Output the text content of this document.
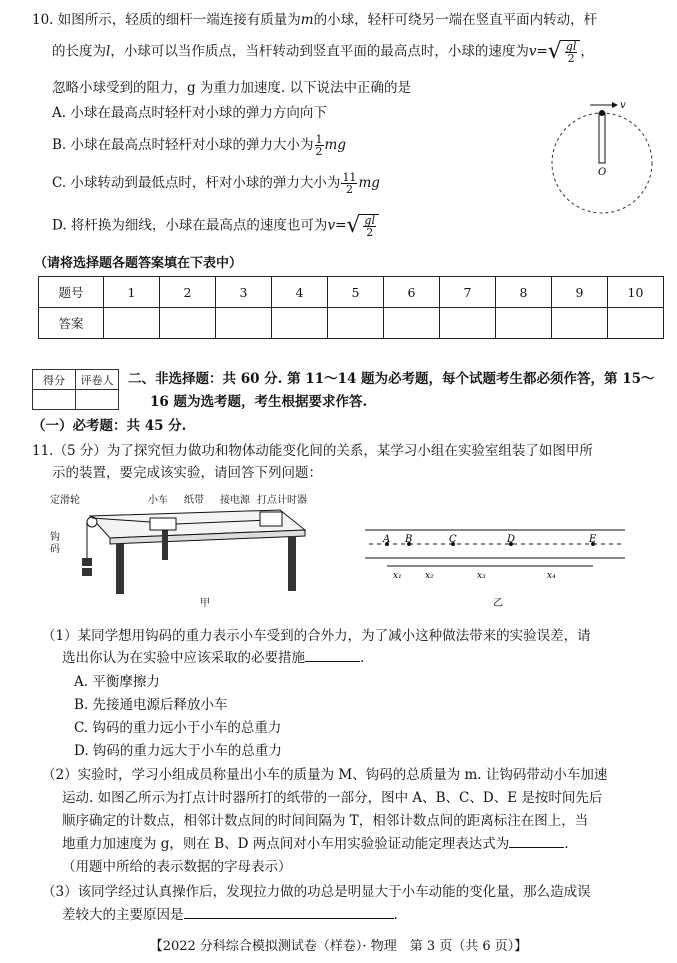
10. 如图所示，轻质的细杆一端连接有质量为m的小球，轻杆可绕另一端在竖直平面内转动，杆
的长度为l，小球可以当作质点，当杆转动到竖直平面的最高点时，小球的速度为$v=√ \frac{gl}{2}$ ，
忽略小球受到的阻力，g 为重力加速度. 以下说法中正确的是
A. 小球在最高点时轻杆对小球的弹力方向向下
B. 小球在最高点时轻杆对小球的弹力大小为 $\frac{1}{2}$ mg
C. 小球转动到最低点时，杆对小球的弹力大小为 $\frac{11}{2}$ mg
D. 将杆换为细线，小球在最高点的速度也可为$v=√ \frac{gl}{2}$
v
O
（请将选择题各题答案填在下表中）
题号	1	2	3	4	5	6	7	8	9	10
答案										
得分	评卷人
	二、非选择题：共 60 分. 第 11～14 题为必考题，每个试题考生都必须作答，第 15～
16 题为选考题，考生根据要求作答.
（一）必考题：共 45 分.
11.（5 分）为了探究恒力做功和物体动能变化间的关系，某学习小组在实验室组装了如图甲所
示的装置，要完成该实验，请回答下列问题：
定滑轮	小车 纸带 接电源 打点计时器
钩
码
甲
A B	C	D	E
x₁	x₂	x₃	x₄
乙
（1）某同学想用钩码的重力表示小车受到的合外力，为了减小这种做法带来的实验误差，请
选出你认为在实验中应该采取的必要措施	.
A. 平衡摩擦力
B. 先接通电源后释放小车
C. 钩码的重力远小于小车的总重力
D. 钩码的重力远大于小车的总重力
（2）实验时，学习小组成员称量出小车的质量为 M、钩码的总质量为 m. 让钩码带动小车加速
运动. 如图乙所示为打点计时器所打的纸带的一部分，图中 A、B、C、D、E 是按时间先后
顺序确定的计数点，相邻计数点间的时间间隔为 T，相邻计数点间的距离标注在图上，当
地重力加速度为 g，则在 B、D 两点间对小车用实验验证动能定理表达式为	.
（用题中所给的表示数据的字母表示）
（3）该同学经过认真操作后，发现拉力做的功总是明显大于小车动能的变化量，那么造成误
差较大的主要原因是	.
【2022 分科综合模拟测试卷（样卷）· 物理　第 3 页（共 6 页）】
